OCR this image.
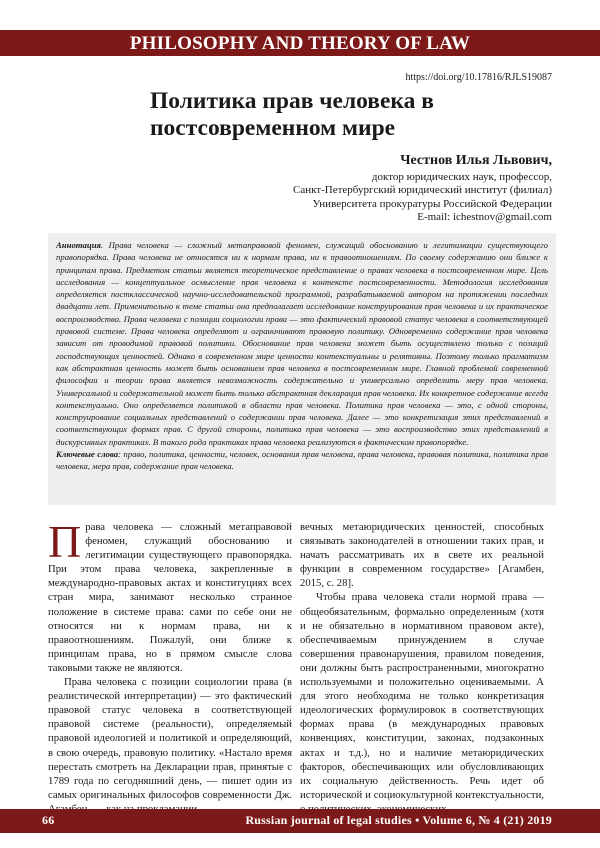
PHILOSOPHY AND THEORY OF LAW
https://doi.org/10.17816/RJLS19087
Политика прав человека в постсовременном мире
Честнов Илья Львович,
доктор юридических наук, профессор,
Санкт-Петербургский юридический институт (филиал)
Университета прокуратуры Российской Федерации
E-mail: ichestnov@gmail.com

Аннотация. Права человека — сложный метаправовой феномен, служащий обоснованию и легитимации существующего правопорядка. Права человека не относятся ни к нормам права, ни к правоотношениям. По своему содержанию они ближе к принципам права. Предметом статьи является теоретическое представление о правах человека в постсовременном мире. Цель исследования — концептуальное осмысление прав человека в контексте постсовременности. Методология исследования определяется постклассической научно-исследовательской программой, разрабатываемой автором на протяжении последних двадцати лет. Применительно к теме статьи она предполагает исследование конструирования прав человека и их практическое воспроизводство. Права человека с позиции социологии права — это фактический правовой статус человека в соответствующей правовой системе. Права человека определяют и ограничивают правовую политику. Одновременно содержание прав человека зависит от проводимой правовой политики. Обоснование прав человека может быть осуществлено только с позиций господствующих ценностей. Однако в современном мире ценности контекстуальны и релятивны. Поэтому только прагматизм как абстрактная ценность может быть основанием прав человека в постсовременном мире. Главной проблемой современной философии и теории права является невозможность содержательно и универсально определить меру прав человека. Универсальной и содержательной может быть только абстрактная декларация прав человека. Их конкретное содержание всегда контекстуально. Оно определяется политикой в области прав человека. Политика прав человека — это, с одной стороны, конструирование социальных представлений о содержании прав человека. Далее — это конкретизация этих представлений в соответствующих формах прав. С другой стороны, политика прав человека — это воспроизводство этих представлений в дискурсивных практиках. В такого рода практиках права человека реализуются в фактическом правопорядке.

Ключевые слова: право, политика, ценности, человек, основания прав человека, права человека, правовая политика, политика прав человека, мера прав, содержание прав человека.

Права человека — сложный метаправовой феномен, служащий обоснованию и легитимации существующего правопорядка. При этом права человека, закрепленные в международно-правовых актах и конституциях всех стран мира, занимают несколько странное положение в системе права: сами по себе они не относятся ни к нормам права, ни к правоотношениям. Пожалуй, они ближе к принципам права, но в прямом смысле слова таковыми также не являются.

Права человека с позиции социологии права (в реалистической интерпретации) — это фактический правовой статус человека в соответствующей правовой системе (реальности), определяемый правовой идеологией и политикой и определяющий, в свою очередь, правовую политику. «Настало время перестать смотреть на Декларации прав, принятые с 1789 года по сегодняшний день, — пишет один из самых оригинальных философов современности Дж.

вечных метаюридических ценностей, способных связывать законодателей в отношении таких прав, и начать рассматривать их в свете их реальной функции в современном государстве» [Агамбен, 2015, с. 28].

Чтобы права человека стали нормой права — общеобязательным, формально определенным (хотя и не обязательно в нормативном правовом акте), обеспечиваемым принуждением в случае совершения правонарушения, правилом поведения, они должны быть распространенными, многократно используемыми и положительно оцениваемыми. А для этого необходима не только конкретизация идеологических формулировок в соответствующих формах права (в международных правовых конвенциях, конституции, законах, подзаконных актах и т.д.), но и наличие метаюридических факторов, обеспечивающих или обусловливающих их социальную действенность. Речь идет об исторической и социокультурной контекстуальности,

66	Russian journal of legal studies • Volume 6, № 4 (21) 2019
